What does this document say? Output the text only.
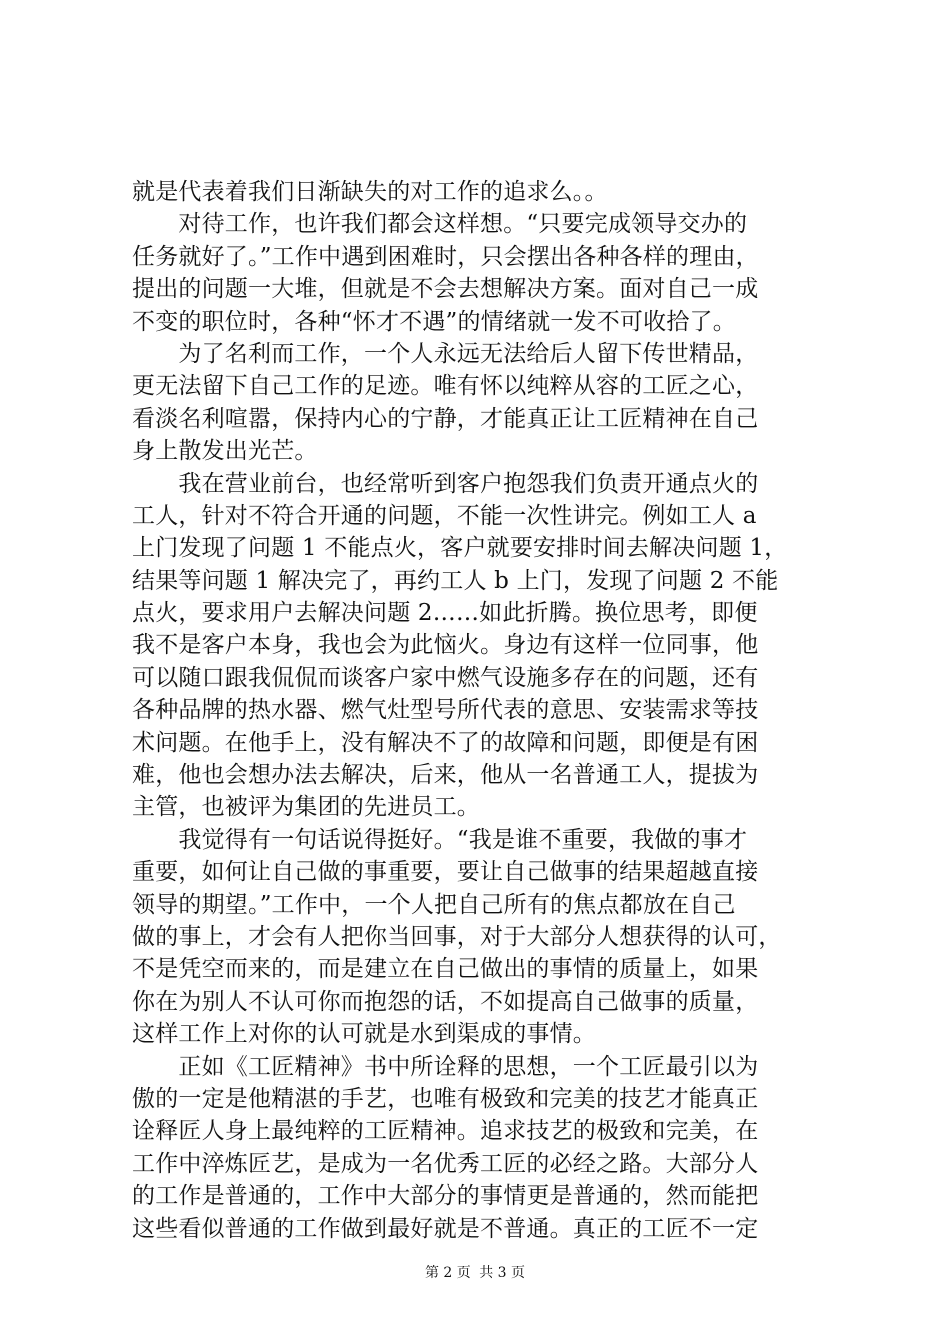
就是代表着我们日渐缺失的对工作的追求么。。
　　对待工作，也许我们都会这样想。“只要完成领导交办的
任务就好了。”工作中遇到困难时，只会摆出各种各样的理由，
提出的问题一大堆，但就是不会去想解决方案。面对自己一成
不变的职位时，各种“怀才不遇”的情绪就一发不可收拾了。
　　为了名利而工作，一个人永远无法给后人留下传世精品，
更无法留下自己工作的足迹。唯有怀以纯粹从容的工匠之心，
看淡名利喧嚣，保持内心的宁静，才能真正让工匠精神在自己
身上散发出光芒。
　　我在营业前台，也经常听到客户抱怨我们负责开通点火的
工人，针对不符合开通的问题，不能一次性讲完。例如工人 a
上门发现了问题 1 不能点火，客户就要安排时间去解决问题 1，
结果等问题 1 解决完了，再约工人 b 上门，发现了问题 2 不能
点火，要求用户去解决问题 2……如此折腾。换位思考，即便
我不是客户本身，我也会为此恼火。身边有这样一位同事，他
可以随口跟我侃侃而谈客户家中燃气设施多存在的问题，还有
各种品牌的热水器、燃气灶型号所代表的意思、安装需求等技
术问题。在他手上，没有解决不了的故障和问题，即便是有困
难，他也会想办法去解决，后来，他从一名普通工人，提拔为
主管，也被评为集团的先进员工。
　　我觉得有一句话说得挺好。“我是谁不重要，我做的事才
重要，如何让自己做的事重要，要让自己做事的结果超越直接
领导的期望。”工作中，一个人把自己所有的焦点都放在自己
做的事上，才会有人把你当回事，对于大部分人想获得的认可，
不是凭空而来的，而是建立在自己做出的事情的质量上，如果
你在为别人不认可你而抱怨的话，不如提高自己做事的质量，
这样工作上对你的认可就是水到渠成的事情。
　　正如《工匠精神》书中所诠释的思想，一个工匠最引以为
傲的一定是他精湛的手艺，也唯有极致和完美的技艺才能真正
诠释匠人身上最纯粹的工匠精神。追求技艺的极致和完美，在
工作中淬炼匠艺，是成为一名优秀工匠的必经之路。大部分人
的工作是普通的，工作中大部分的事情更是普通的，然而能把
这些看似普通的工作做到最好就是不普通。真正的工匠不一定
第 2 页 共 3 页
